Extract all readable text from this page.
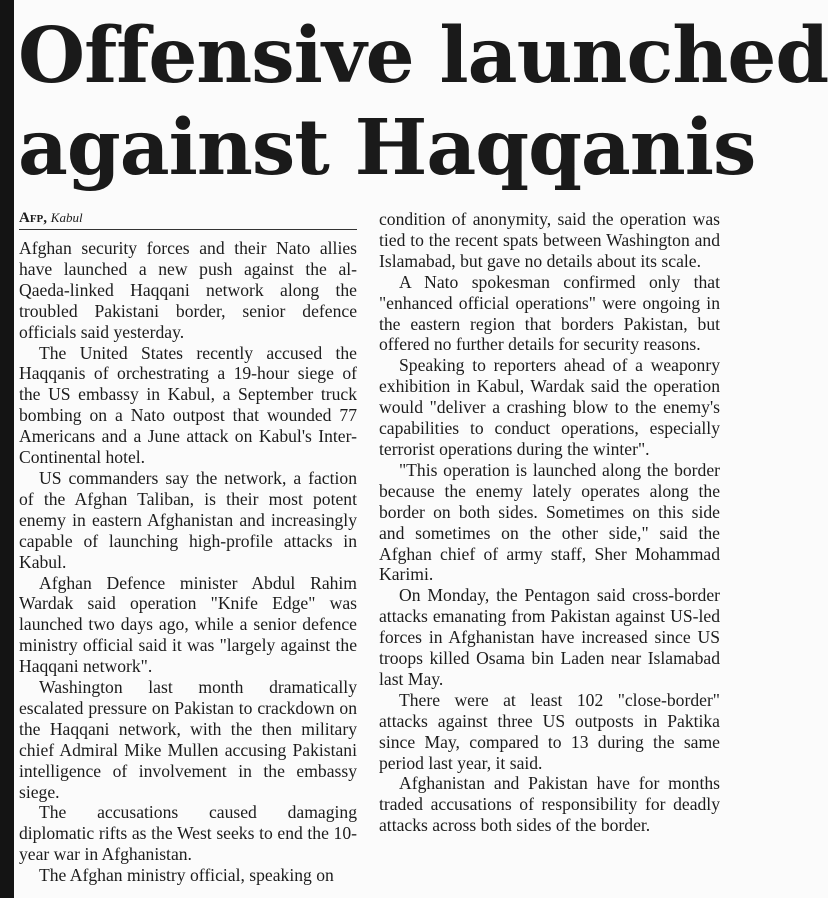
Offensive launched
against Haqqanis
Afp, Kabul

Afghan security forces and their Nato allies have launched a new push against the al-Qaeda-linked Haqqani network along the troubled Pakistani border, senior defence officials said yesterday.

The United States recently accused the Haqqanis of orchestrating a 19-hour siege of the US embassy in Kabul, a September truck bombing on a Nato outpost that wounded 77 Americans and a June attack on Kabul's Inter-Continental hotel.

US commanders say the network, a faction of the Afghan Taliban, is their most potent enemy in eastern Afghanistan and increasingly capable of launching high-profile attacks in Kabul.

Afghan Defence minister Abdul Rahim Wardak said operation "Knife Edge" was launched two days ago, while a senior defence ministry official said it was "largely against the Haqqani network".

Washington last month dramatically escalated pressure on Pakistan to crackdown on the Haqqani network, with the then military chief Admiral Mike Mullen accusing Pakistani intelligence of involvement in the embassy siege.

The accusations caused damaging diplomatic rifts as the West seeks to end the 10-year war in Afghanistan.

The Afghan ministry official, speaking on

condition of anonymity, said the operation was tied to the recent spats between Washington and Islamabad, but gave no details about its scale.

A Nato spokesman confirmed only that "enhanced official operations" were ongoing in the eastern region that borders Pakistan, but offered no further details for security reasons.

Speaking to reporters ahead of a weaponry exhibition in Kabul, Wardak said the operation would "deliver a crashing blow to the enemy's capabilities to conduct operations, especially terrorist operations during the winter".

"This operation is launched along the border because the enemy lately operates along the border on both sides. Sometimes on this side and sometimes on the other side," said the Afghan chief of army staff, Sher Mohammad Karimi.

On Monday, the Pentagon said cross-border attacks emanating from Pakistan against US-led forces in Afghanistan have increased since US troops killed Osama bin Laden near Islamabad last May.

There were at least 102 "close-border" attacks against three US outposts in Paktika since May, compared to 13 during the same period last year, it said.

Afghanistan and Pakistan have for months traded accusations of responsibility for deadly attacks across both sides of the border.
